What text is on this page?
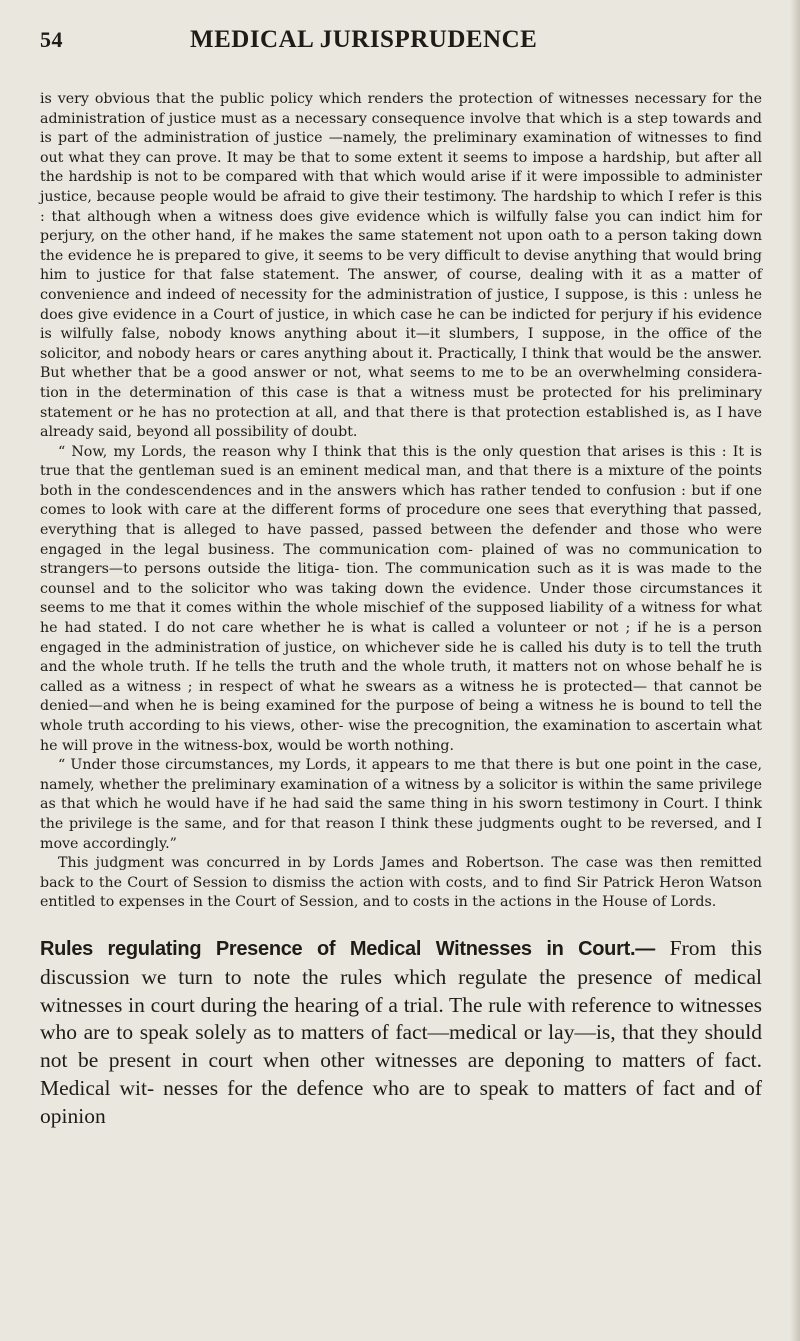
54	MEDICAL JURISPRUDENCE

is very obvious that the public policy which renders the protection of witnesses necessary for the administration of justice must as a necessary consequence involve that which is a step towards and is part of the administration of justice —namely, the preliminary examination of witnesses to find out what they can prove. It may be that to some extent it seems to impose a hardship, but after all the hardship is not to be compared with that which would arise if it were impossible to administer justice, because people would be afraid to give their testimony. The hardship to which I refer is this : that although when a witness does give evidence which is wilfully false you can indict him for perjury, on the other hand, if he makes the same statement not upon oath to a person taking down the evidence he is prepared to give, it seems to be very difficult to devise anything that would bring him to justice for that false statement. The answer, of course, dealing with it as a matter of convenience and indeed of necessity for the administration of justice, I suppose, is this : unless he does give evidence in a Court of justice, in which case he can be indicted for perjury if his evidence is wilfully false, nobody knows anything about it—it slumbers, I suppose, in the office of the solicitor, and nobody hears or cares anything about it. Practically, I think that would be the answer. But whether that be a good answer or not, what seems to me to be an overwhelming considera- tion in the determination of this case is that a witness must be protected for his preliminary statement or he has no protection at all, and that there is that protection established is, as I have already said, beyond all possibility of doubt.

“ Now, my Lords, the reason why I think that this is the only question that arises is this : It is true that the gentleman sued is an eminent medical man, and that there is a mixture of the points both in the condescendences and in the answers which has rather tended to confusion : but if one comes to look with care at the different forms of procedure one sees that everything that passed, everything that is alleged to have passed, passed between the defender and those who were engaged in the legal business. The communication com- plained of was no communication to strangers—to persons outside the litiga- tion. The communication such as it is was made to the counsel and to the solicitor who was taking down the evidence. Under those circumstances it seems to me that it comes within the whole mischief of the supposed liability of a witness for what he had stated. I do not care whether he is what is called a volunteer or not ; if he is a person engaged in the administration of justice, on whichever side he is called his duty is to tell the truth and the whole truth. If he tells the truth and the whole truth, it matters not on whose behalf he is called as a witness ; in respect of what he swears as a witness he is protected— that cannot be denied—and when he is being examined for the purpose of being a witness he is bound to tell the whole truth according to his views, other- wise the precognition, the examination to ascertain what he will prove in the witness-box, would be worth nothing.

“ Under those circumstances, my Lords, it appears to me that there is but one point in the case, namely, whether the preliminary examination of a witness by a solicitor is within the same privilege as that which he would have if he had said the same thing in his sworn testimony in Court. I think the privilege is the same, and for that reason I think these judgments ought to be reversed, and I move accordingly.”

This judgment was concurred in by Lords James and Robertson. The case was then remitted back to the Court of Session to dismiss the action with costs, and to find Sir Patrick Heron Watson entitled to expenses in the Court of Session, and to costs in the actions in the House of Lords.

Rules regulating Presence of Medical Witnesses in Court.— From this discussion we turn to note the rules which regulate the presence of medical witnesses in court during the hearing of a trial. The rule with reference to witnesses who are to speak solely as to matters of fact—medical or lay—is, that they should not be present in court when other witnesses are deponing to matters of fact. Medical wit- nesses for the defence who are to speak to matters of fact and of opinion
